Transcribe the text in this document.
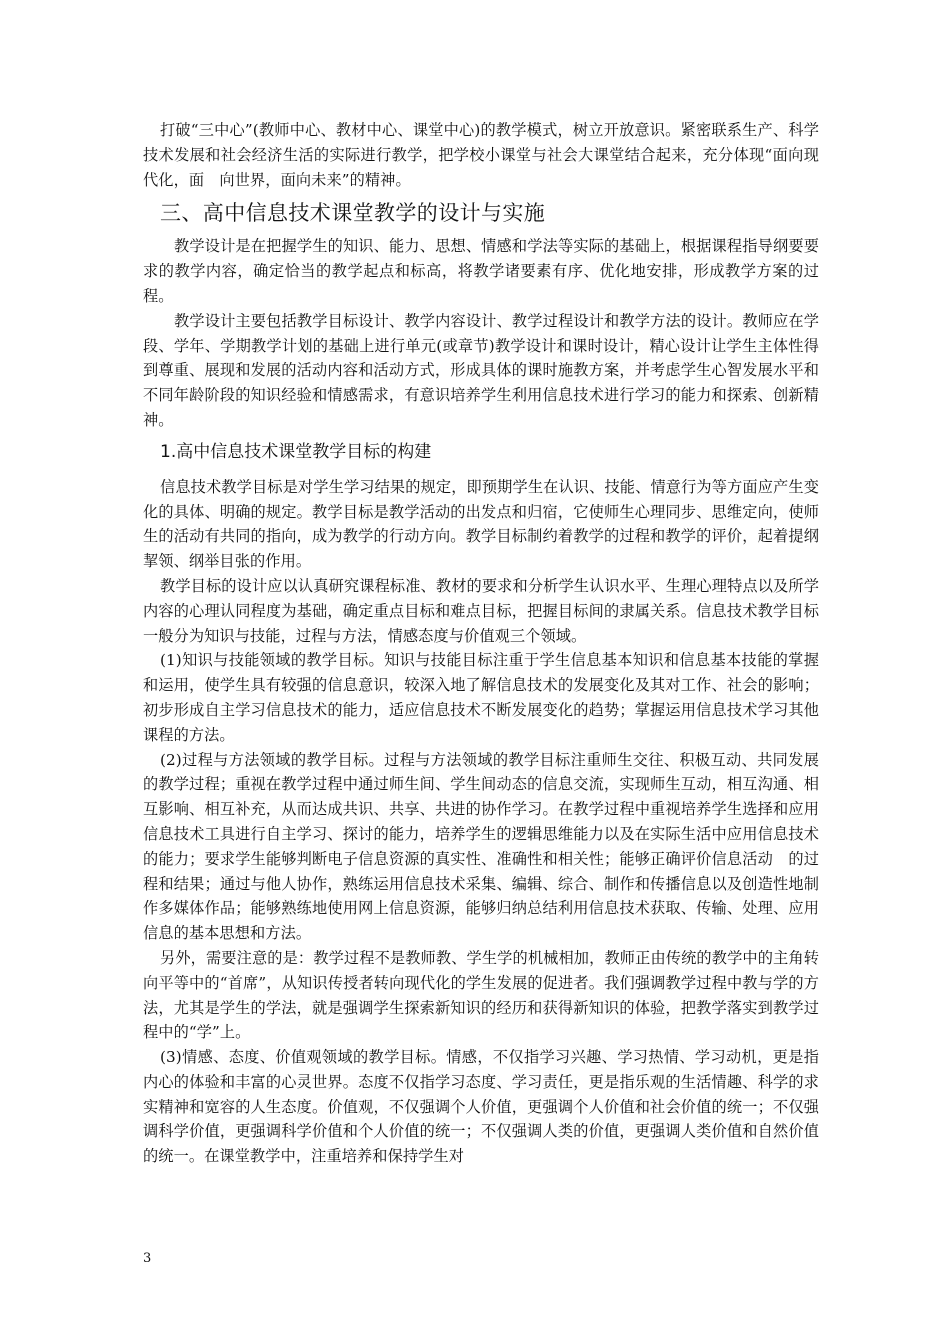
打破“三中心”(教师中心、教材中心、课堂中心)的教学模式，树立开放意识。紧密联系生产、科学技术发展和社会经济生活的实际进行教学，把学校小课堂与社会大课堂结合起来，充分体现“面向现代化，面　向世界，面向未来”的精神。

三、高中信息技术课堂教学的设计与实施

教学设计是在把握学生的知识、能力、思想、情感和学法等实际的基础上，根据课程指导纲要要求的教学内容，确定恰当的教学起点和标高，将教学诸要素有序、优化地安排，形成教学方案的过程。

教学设计主要包括教学目标设计、教学内容设计、教学过程设计和教学方法的设计。教师应在学段、学年、学期教学计划的基础上进行单元(或章节)教学设计和课时设计，精心设计让学生主体性得到尊重、展现和发展的活动内容和活动方式，形成具体的课时施教方案，并考虑学生心智发展水平和不同年龄阶段的知识经验和情感需求，有意识培养学生利用信息技术进行学习的能力和探索、创新精神。

1.高中信息技术课堂教学目标的构建

信息技术教学目标是对学生学习结果的规定，即预期学生在认识、技能、情意行为等方面应产生变化的具体、明确的规定。教学目标是教学活动的出发点和归宿，它使师生心理同步、思维定向，使师生的活动有共同的指向，成为教学的行动方向。教学目标制约着教学的过程和教学的评价，起着提纲挈领、纲举目张的作用。

教学目标的设计应以认真研究课程标准、教材的要求和分析学生认识水平、生理心理特点以及所学内容的心理认同程度为基础，确定重点目标和难点目标，把握目标间的隶属关系。信息技术教学目标一般分为知识与技能，过程与方法，情感态度与价值观三个领域。

(1)知识与技能领域的教学目标。知识与技能目标注重于学生信息基本知识和信息基本技能的掌握和运用，使学生具有较强的信息意识，较深入地了解信息技术的发展变化及其对工作、社会的影响；初步形成自主学习信息技术的能力，适应信息技术不断发展变化的趋势；掌握运用信息技术学习其他课程的方法。

(2)过程与方法领域的教学目标。过程与方法领域的教学目标注重师生交往、积极互动、共同发展的教学过程；重视在教学过程中通过师生间、学生间动态的信息交流，实现师生互动，相互沟通、相互影响、相互补充，从而达成共识、共享、共进的协作学习。在教学过程中重视培养学生选择和应用信息技术工具进行自主学习、探讨的能力，培养学生的逻辑思维能力以及在实际生活中应用信息技术的能力；要求学生能够判断电子信息资源的真实性、准确性和相关性；能够正确评价信息活动　的过程和结果；通过与他人协作，熟练运用信息技术采集、编辑、综合、制作和传播信息以及创造性地制作多媒体作品；能够熟练地使用网上信息资源，能够归纳总结利用信息技术获取、传输、处理、应用信息的基本思想和方法。

另外，需要注意的是：教学过程不是教师教、学生学的机械相加，教师正由传统的教学中的主角转向平等中的“首席”，从知识传授者转向现代化的学生发展的促进者。我们强调教学过程中教与学的方法，尤其是学生的学法，就是强调学生探索新知识的经历和获得新知识的体验，把教学落实到教学过程中的“学”上。

(3)情感、态度、价值观领域的教学目标。情感，不仅指学习兴趣、学习热情、学习动机，更是指内心的体验和丰富的心灵世界。态度不仅指学习态度、学习责任，更是指乐观的生活情趣、科学的求实精神和宽容的人生态度。价值观，不仅强调个人价值，更强调个人价值和社会价值的统一；不仅强调科学价值，更强调科学价值和个人价值的统一；不仅强调人类的价值，更强调人类价值和自然价值的统一。在课堂教学中，注重培养和保持学生对

3
